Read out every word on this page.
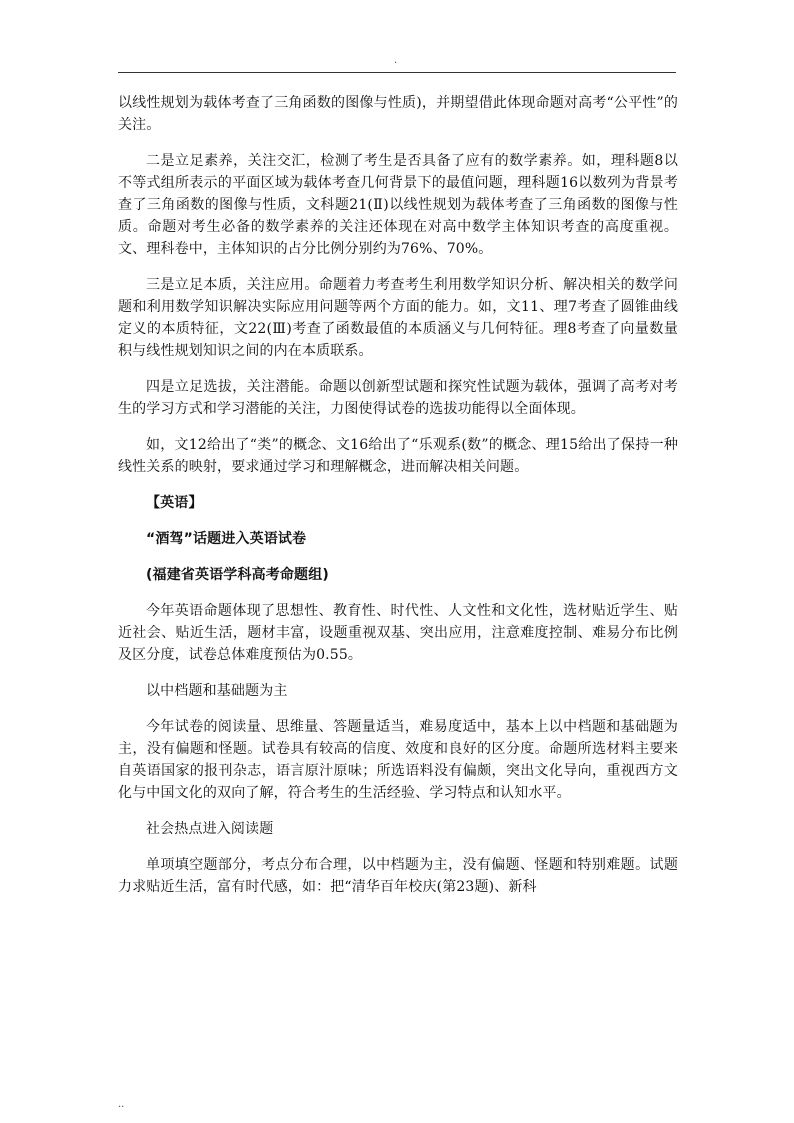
.

以线性规划为载体考查了三角函数的图像与性质)，并期望借此体现命题对高考“公平性”的关注。

二是立足素养，关注交汇，检测了考生是否具备了应有的数学素养。如，理科题8以不等式组所表示的平面区域为载体考查几何背景下的最值问题，理科题16以数列为背景考查了三角函数的图像与性质，文科题21(Ⅱ)以线性规划为载体考查了三角函数的图像与性质。命题对考生必备的数学素养的关注还体现在对高中数学主体知识考查的高度重视。文、理科卷中，主体知识的占分比例分别约为76%、70%。

三是立足本质，关注应用。命题着力考查考生利用数学知识分析、解决相关的数学问题和利用数学知识解决实际应用问题等两个方面的能力。如，文11、理7考查了圆锥曲线定义的本质特征，文22(Ⅲ)考查了函数最值的本质涵义与几何特征。理8考查了向量数量积与线性规划知识之间的内在本质联系。

四是立足选拔，关注潜能。命题以创新型试题和探究性试题为载体，强调了高考对考生的学习方式和学习潜能的关注，力图使得试卷的选拔功能得以全面体现。

如，文12给出了“类”的概念、文16给出了“乐观系(数”的概念、理15给出了保持一种线性关系的映射，要求通过学习和理解概念，进而解决相关问题。

【英语】

“酒驾”话题进入英语试卷

(福建省英语学科高考命题组)

今年英语命题体现了思想性、教育性、时代性、人文性和文化性，选材贴近学生、贴近社会、贴近生活，题材丰富，设题重视双基、突出应用，注意难度控制、难易分布比例及区分度，试卷总体难度预估为0.55。

以中档题和基础题为主

今年试卷的阅读量、思维量、答题量适当，难易度适中，基本上以中档题和基础题为主，没有偏题和怪题。试卷具有较高的信度、效度和良好的区分度。命题所选材料主要来自英语国家的报刊杂志，语言原汁原味；所选语料没有偏颇，突出文化导向，重视西方文化与中国文化的双向了解，符合考生的生活经验、学习特点和认知水平。

社会热点进入阅读题

单项填空题部分，考点分布合理，以中档题为主，没有偏题、怪题和特别难题。试题力求贴近生活，富有时代感，如：把“清华百年校庆(第23题)、新科

..
